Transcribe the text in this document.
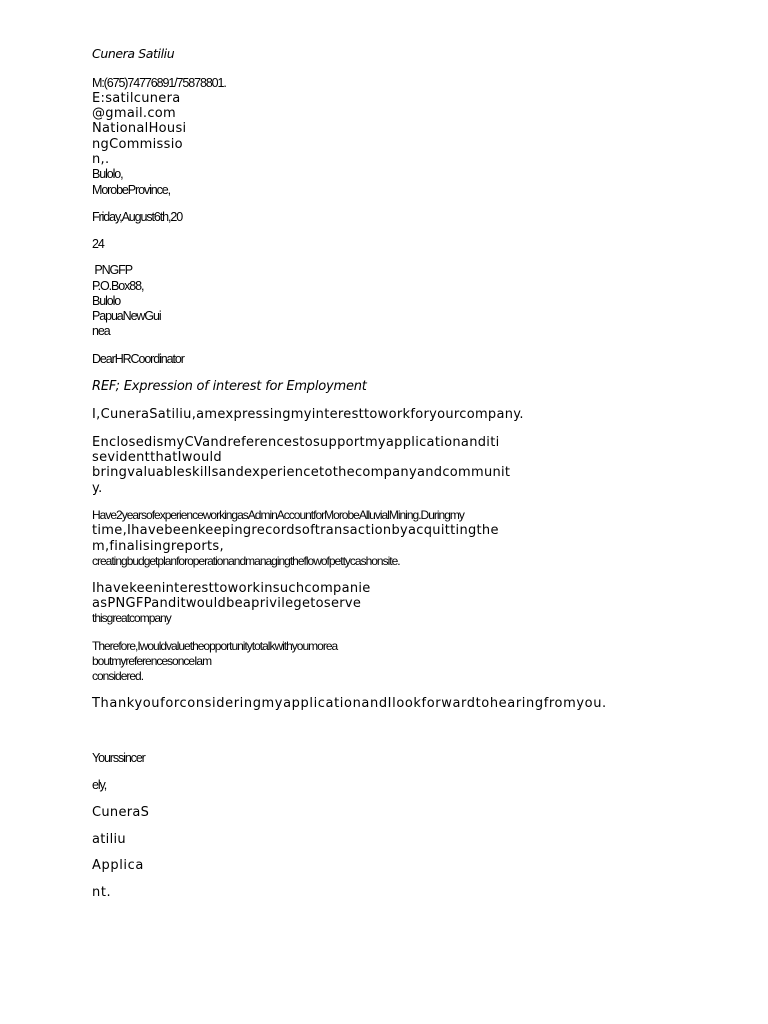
Cunera Satiliu

M:(675)74776891/75878801.

E:satilcunera

@gmail.com

NationalHousi

ngCommissio

n,.

Bulolo,

MorobeProvince,

Friday,August6th,20

24

PNGFP

P.O.Box88,

Bulolo

PapuaNewGui

nea

DearHRCoordinator

REF; Expression of interest for Employment

I,CuneraSatiliu,amexpressingmyinteresttoworkforyourcompany.

EnclosedismyCVandreferencestosupportmyapplicationanditi

sevidentthatIwould

bringvaluableskillsandexperiencetothecompanyandcommunit

y.

Have2yearsofexperienceworkingasAdminAccountforMorobeAlluvialMining.Duringmy

time,Ihavebeenkeepingrecordsoftransactionbyacquittingthe

m,finalisingreports,

creatingbudgetplanforoperationandmanagingtheflowofpettycashonsite.

Ihavekeeninteresttoworkinsuchcompanie

asPNGFPanditwouldbeaprivilegetoserve

thisgreatcompany

Therefore,Iwouldvaluetheopportunitytotalkwithyoumorea

boutmyreferencesonceIam

considered.

ThankyouforconsideringmyapplicationandIlookforwardtohearingfromyou.

Yourssincer

ely,

CuneraS

atiliu

Applica

nt.
